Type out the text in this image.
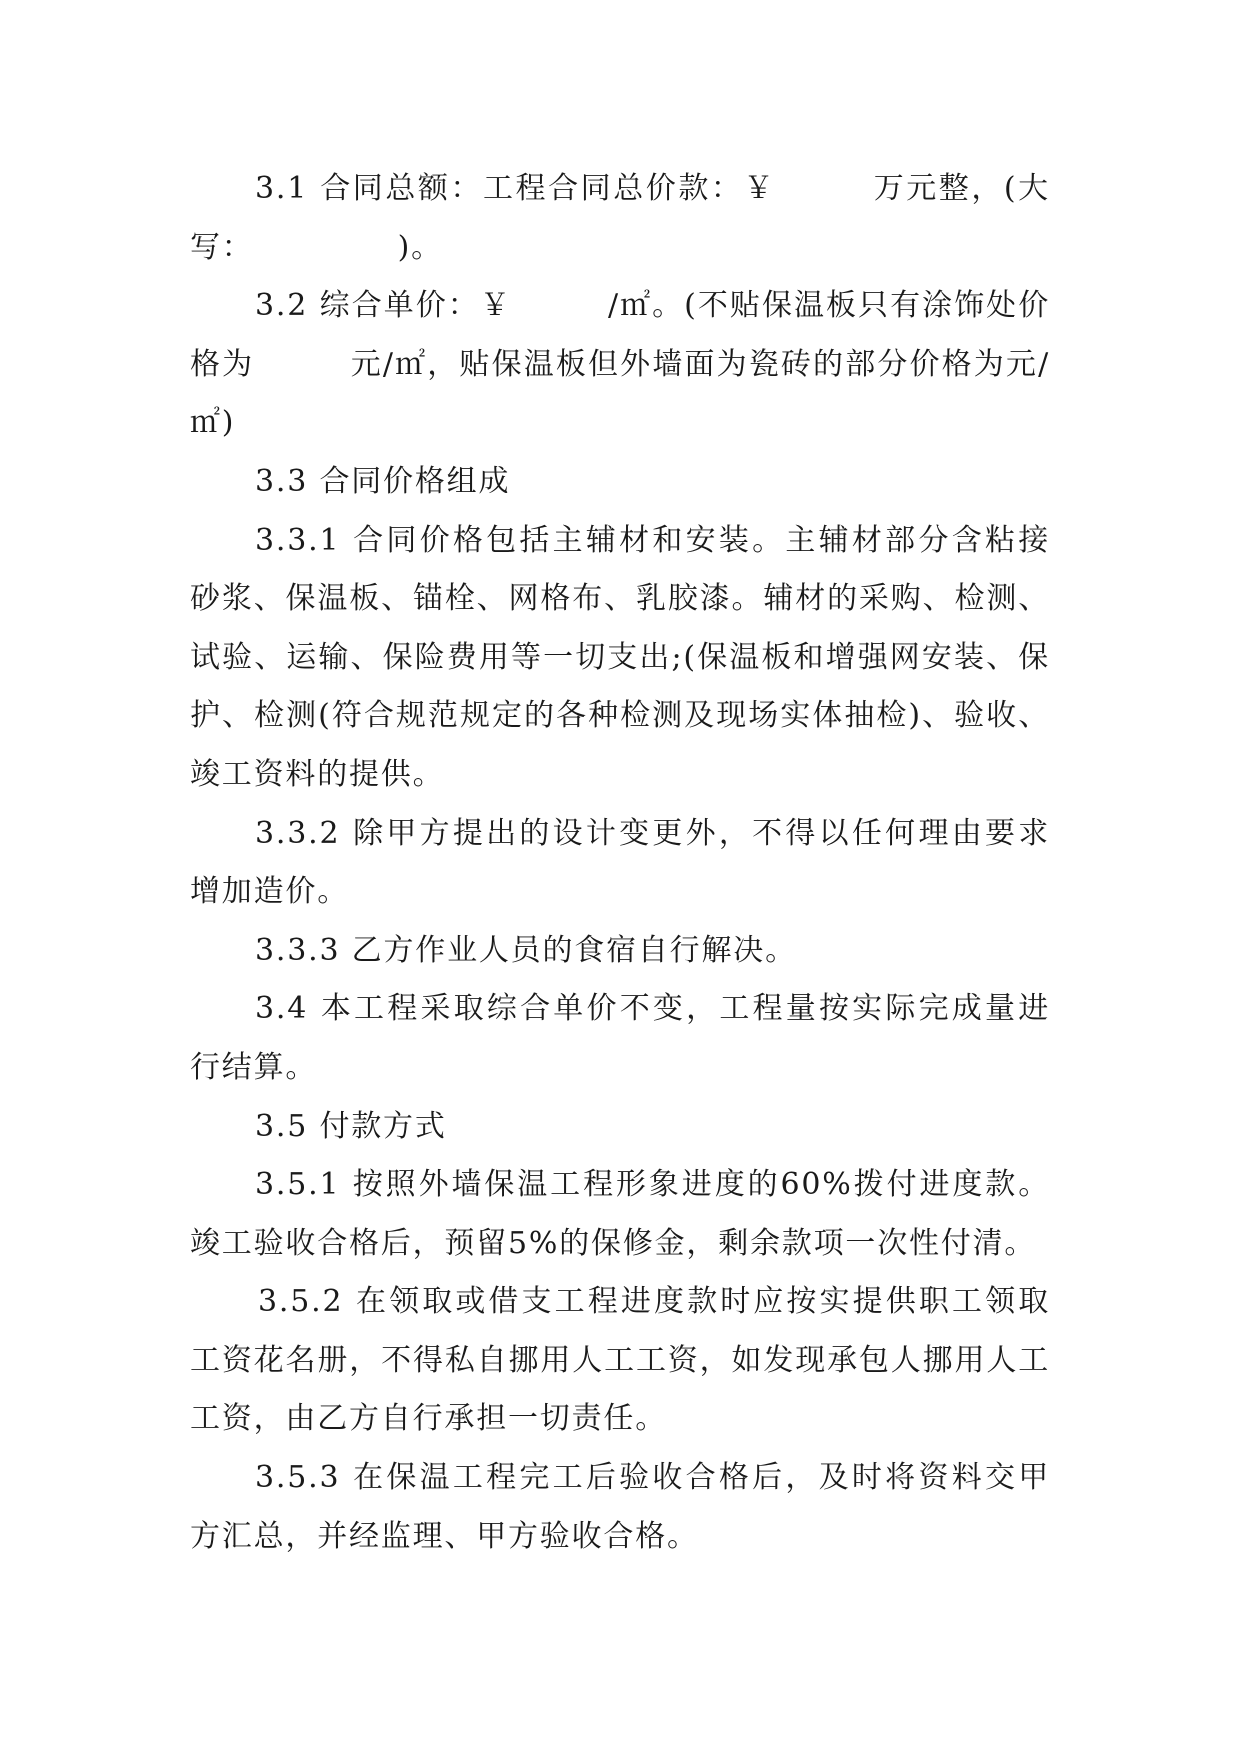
3.1 合同总额：工程合同总价款：￥　　　万元整，(大写：　　　　　)。

3.2 综合单价：￥　　　/㎡。(不贴保温板只有涂饰处价格为　　　元/㎡，贴保温板但外墙面为瓷砖的部分价格为元/㎡)

3.3 合同价格组成

3.3.1 合同价格包括主辅材和安装。主辅材部分含粘接砂浆、保温板、锚栓、网格布、乳胶漆。辅材的采购、检测、试验、运输、保险费用等一切支出;(保温板和增强网安装、保护、检测(符合规范规定的各种检测及现场实体抽检)、验收、竣工资料的提供。

3.3.2 除甲方提出的设计变更外，不得以任何理由要求增加造价。

3.3.3 乙方作业人员的食宿自行解决。

3.4 本工程采取综合单价不变，工程量按实际完成量进行结算。

3.5 付款方式

3.5.1 按照外墙保温工程形象进度的60%拨付进度款。竣工验收合格后，预留5%的保修金，剩余款项一次性付清。

3.5.2 在领取或借支工程进度款时应按实提供职工领取工资花名册，不得私自挪用人工工资，如发现承包人挪用人工工资，由乙方自行承担一切责任。

3.5.3 在保温工程完工后验收合格后，及时将资料交甲方汇总，并经监理、甲方验收合格。
